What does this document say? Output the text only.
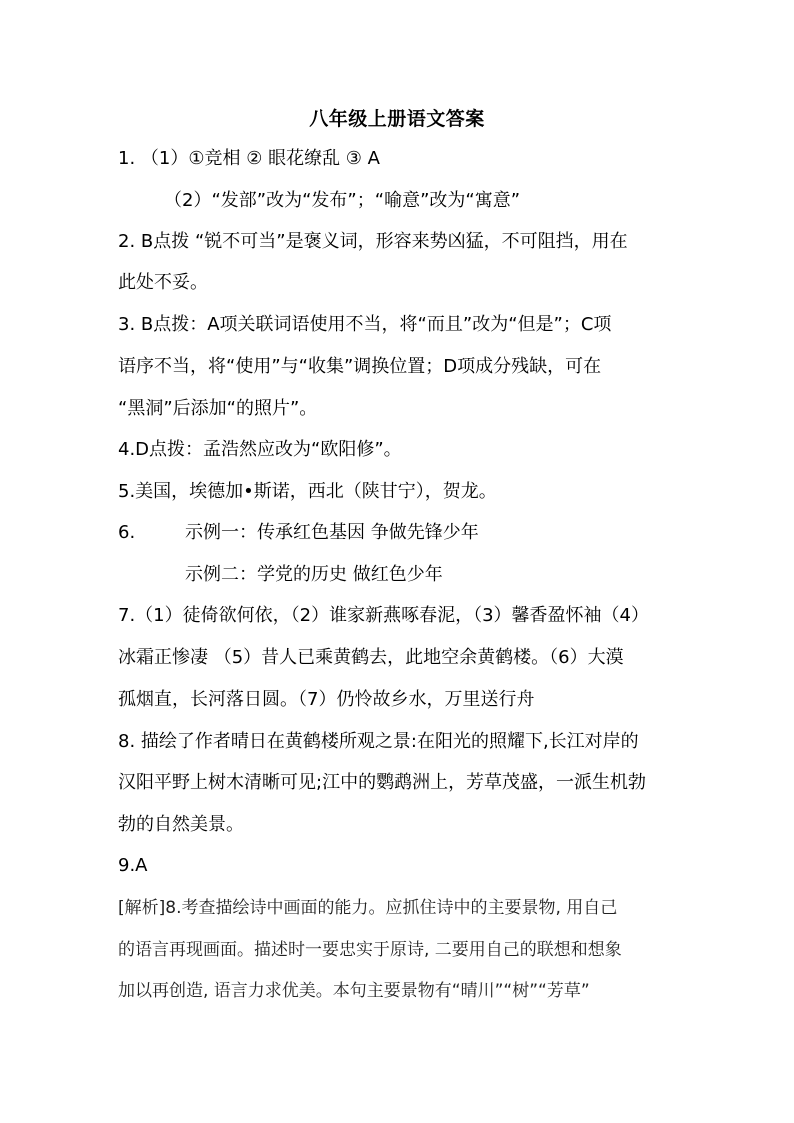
八年级上册语文答案
1. （1）①竞相 ② 眼花缭乱 ③ A
（2）“发部”改为“发布”；“喻意”改为“寓意”
2. B点拨 “锐不可当”是褒义词，形容来势凶猛，不可阻挡，用在
此处不妥。
3. B点拨：A项关联词语使用不当，将“而且”改为“但是”；C项
语序不当，将“使用”与“收集”调换位置；D项成分残缺，可在
“黑洞”后添加“的照片”。
4.D点拨：孟浩然应改为“欧阳修”。
5.美国，埃德加•斯诺，西北（陕甘宁），贺龙。
6.	示例一：传承红色基因 争做先锋少年
示例二：学党的历史 做红色少年
7.（1）徒倚欲何依，（2）谁家新燕啄春泥，（3）馨香盈怀袖（4）
冰霜正惨凄 （5）昔人已乘黄鹤去，此地空余黄鹤楼。（6）大漠
孤烟直，长河落日圆。（7）仍怜故乡水，万里送行舟
8. 描绘了作者晴日在黄鹤楼所观之景:在阳光的照耀下,长江对岸的
汉阳平野上树木清晰可见;江中的鹦鹉洲上，芳草茂盛，一派生机勃
勃的自然美景。
9.A
[解析]8.考查描绘诗中画面的能力。应抓住诗中的主要景物, 用自己
的语言再现画面。描述时一要忠实于原诗, 二要用自己的联想和想象
加以再创造, 语言力求优美。本句主要景物有“晴川”“树”“芳草”
